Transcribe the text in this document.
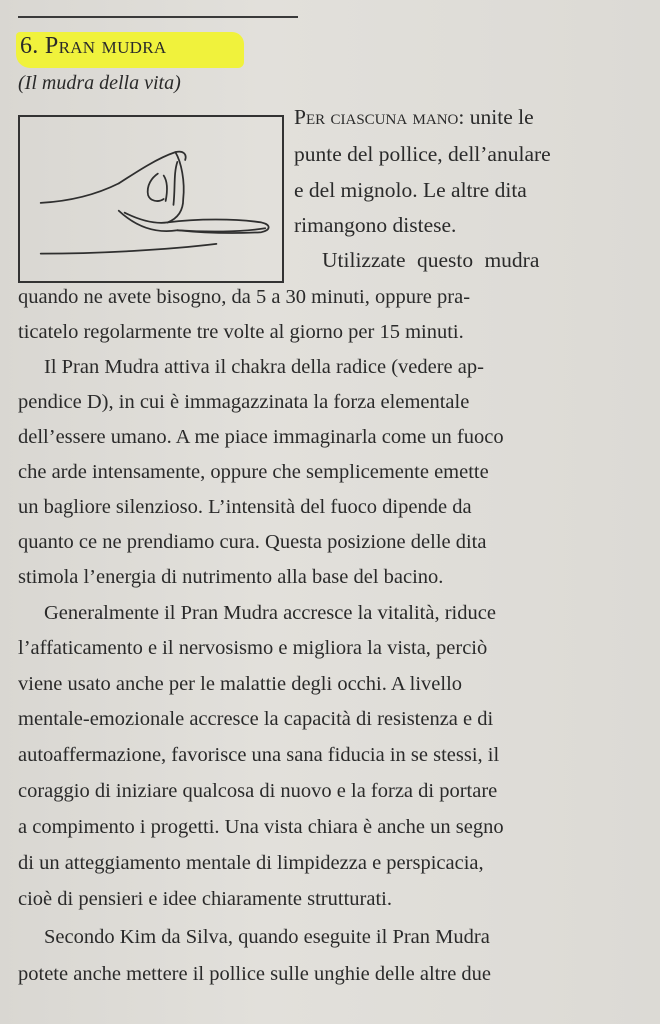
6. Pran mudra
(Il mudra della vita)
Per ciascuna mano: unite le
punte del pollice, dell’anulare
e del mignolo. Le altre dita
rimangono distese.
Utilizzate questo mudra
quando ne avete bisogno, da 5 a 30 minuti, oppure pra-
ticatelo regolarmente tre volte al giorno per 15 minuti.
Il Pran Mudra attiva il chakra della radice (vedere ap-
pendice D), in cui è immagazzinata la forza elementale
dell’essere umano. A me piace immaginarla come un fuoco
che arde intensamente, oppure che semplicemente emette
un bagliore silenzioso. L’intensità del fuoco dipende da
quanto ce ne prendiamo cura. Questa posizione delle dita
stimola l’energia di nutrimento alla base del bacino.
Generalmente il Pran Mudra accresce la vitalità, riduce
l’affaticamento e il nervosismo e migliora la vista, perciò
viene usato anche per le malattie degli occhi. A livello
mentale-emozionale accresce la capacità di resistenza e di
autoaffermazione, favorisce una sana fiducia in se stessi, il
coraggio di iniziare qualcosa di nuovo e la forza di portare
a compimento i progetti. Una vista chiara è anche un segno
di un atteggiamento mentale di limpidezza e perspicacia,
cioè di pensieri e idee chiaramente strutturati.
Secondo Kim da Silva, quando eseguite il Pran Mudra
potete anche mettere il pollice sulle unghie delle altre due
